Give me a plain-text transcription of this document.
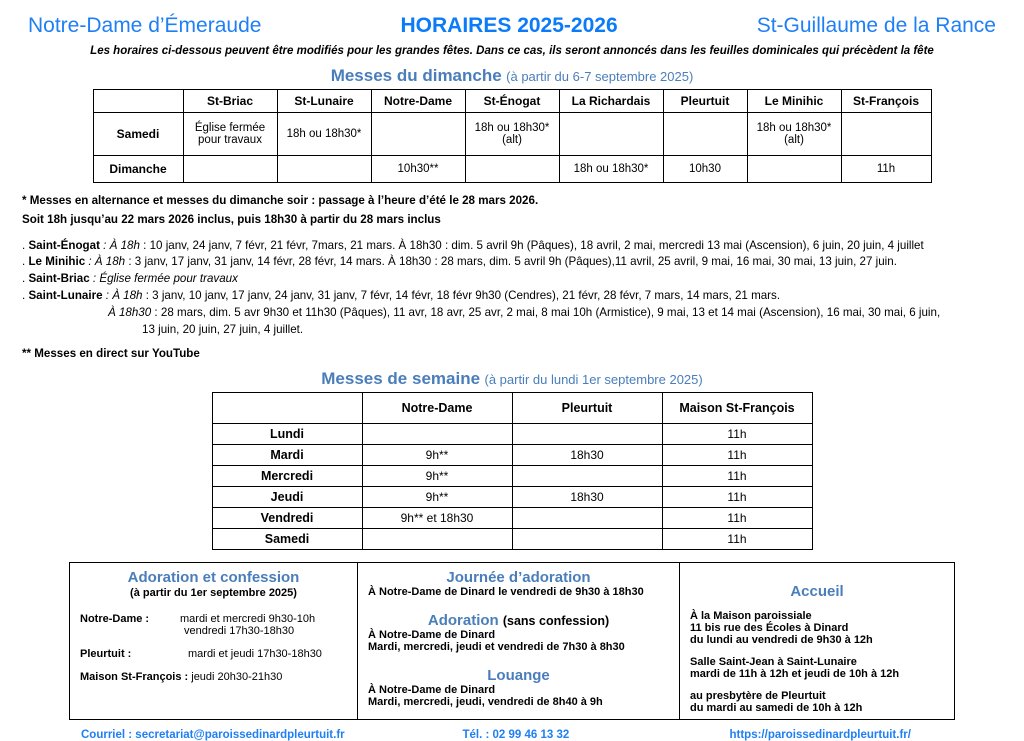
Notre-Dame d’Émeraude	HORAIRES 2025-2026	St-Guillaume de la Rance
Les horaires ci-dessous peuvent être modifiés pour les grandes fêtes. Dans ce cas, ils seront annoncés dans les feuilles dominicales qui précèdent la fête
Messes du dimanche (à partir du 6-7 septembre 2025)
	St-Briac	St-Lunaire	Notre-Dame	St-Énogat	La Richardais	Pleurtuit	Le Minihic	St-François
Samedi	Église fermée pour travaux	18h ou 18h30*		18h ou 18h30* (alt)			18h ou 18h30* (alt)	
Dimanche			10h30**		18h ou 18h30*	10h30		11h
* Messes en alternance et messes du dimanche soir : passage à l’heure d’été le 28 mars 2026.
Soit 18h jusqu’au 22 mars 2026 inclus, puis 18h30 à partir du 28 mars inclus
. Saint-Énogat : À 18h : 10 janv, 24 janv, 7 févr, 21 févr, 7mars, 21 mars. À 18h30 : dim. 5 avril 9h (Pâques), 18 avril, 2 mai, mercredi 13 mai (Ascension), 6 juin, 20 juin, 4 juillet
. Le Minihic : À 18h : 3 janv, 17 janv, 31 janv, 14 févr, 28 févr, 14 mars. À 18h30 : 28 mars, dim. 5 avril 9h (Pâques),11 avril, 25 avril, 9 mai, 16 mai, 30 mai, 13 juin, 27 juin.
. Saint-Briac : Église fermée pour travaux
. Saint-Lunaire : À 18h : 3 janv, 10 janv, 17 janv, 24 janv, 31 janv, 7 févr, 14 févr, 18 févr 9h30 (Cendres), 21 févr, 28 févr, 7 mars, 14 mars, 21 mars.
À 18h30 : 28 mars, dim. 5 avr 9h30 et 11h30 (Pâques), 11 avr, 18 avr, 25 avr, 2 mai, 8 mai 10h (Armistice), 9 mai, 13 et 14 mai (Ascension), 16 mai, 30 mai, 6 juin,
13 juin, 20 juin, 27 juin, 4 juillet.
** Messes en direct sur YouTube
Messes de semaine (à partir du lundi 1er septembre 2025)
	Notre-Dame	Pleurtuit	Maison St-François
Lundi			11h
Mardi	9h**	18h30	11h
Mercredi	9h**		11h
Jeudi	9h**	18h30	11h
Vendredi	9h** et 18h30		11h
Samedi			11h
Adoration et confession
(à partir du 1er septembre 2025)
Notre-Dame :	mardi et mercredi 9h30-10h
vendredi 17h30-18h30
Pleurtuit :	mardi et jeudi 17h30-18h30
Maison St-François : jeudi 20h30-21h30
Journée d’adoration
À Notre-Dame de Dinard le vendredi de 9h30 à 18h30
Adoration (sans confession)
À Notre-Dame de Dinard
Mardi, mercredi, jeudi et vendredi de 7h30 à 8h30
Louange
À Notre-Dame de Dinard
Mardi, mercredi, jeudi, vendredi de 8h40 à 9h
Accueil
À la Maison paroissiale
11 bis rue des Écoles à Dinard
du lundi au vendredi de 9h30 à 12h
Salle Saint-Jean à Saint-Lunaire
mardi de 11h à 12h et jeudi de 10h à 12h
au presbytère de Pleurtuit
du mardi au samedi de 10h à 12h
Courriel : secretariat@paroissedinardpleurtuit.fr	Tél. : 02 99 46 13 32	https://paroissedinardpleurtuit.fr/
